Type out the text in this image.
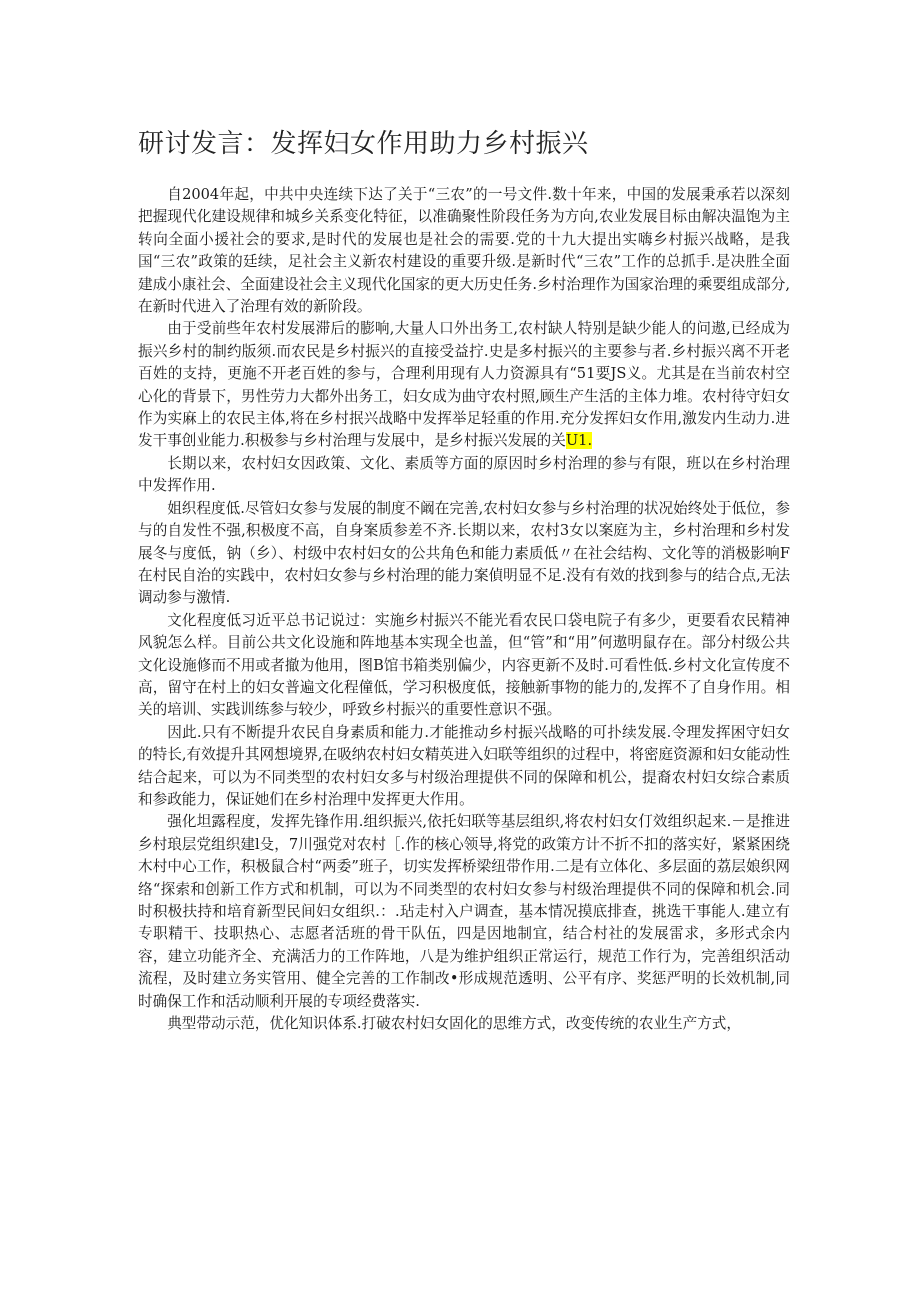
研讨发言：发挥妇女作用助力乡村振兴

自2004年起，中共中央连续下达了关于“三农”的一号文件.数十年来，中国的发展秉承若以深刻把握现代化建设规律和城乡关系变化特征，以准确聚性阶段任务为方向,农业发展目标由解决温饱为主转向全面小援社会的要求,是时代的发展也是社会的需要.党的十九大提出实嗨乡村振兴战略，是我国“三农”政策的廷续，足社会主义新农村建设的重要升级.是新时代“三农”工作的总抓手.是决胜全面建成小康社会、全面建设社会主义现代化国家的更大历史任务.乡村治理作为国家治理的乘要组成部分,在新时代进入了治理有效的新阶段。

由于受前些年农村发展滞后的膨响,大量人口外出务工,农村缺人特别是缺少能人的问遨,已经成为振兴乡村的制约版须.而农民是乡村振兴的直接受益拧.史是多村振兴的主要参与者.乡村振兴离不开老百姓的支持，更施不开老百姓的参与，合理利用现有人力资源具有“51要JS义。尤其是在当前农村空心化的背景下，男性劳力大都外出务工，妇女成为曲守农村照,顾生产生活的主体力堆。农村待守妇女作为实麻上的农民主体,将在乡村抿兴战略中发挥举足轻重的作用.充分发挥妇女作用,激发内生动力.进发干事创业能力.积极参与乡村治理与发展中，是乡村振兴发展的关U1.

长期以来，农村妇女因政策、文化、素质等方面的原因时乡村治理的参与有限，班以在乡村治理中发挥作用.

姐织程度低.尽管妇女参与发展的制度不阚在完善,农村妇女参与乡村治理的状况始终处于低位，参与的自发性不强,积极度不高，自身案质参差不齐.长期以来，农村3女以案庭为主，乡村治理和乡村发展冬与度低，钠（乡）、村级中农村妇女的公共角色和能力素质低〃在社会结构、文化等的消极影响F在村民自治的实践中，农村妇女参与乡村治理的能力案偵明显不足.没有有效的找到参与的结合点,无法调动参与激情.

文化程度低习近平总书记说过：实施乡村振兴不能光看农民口袋电院子有多少，更要看农民精神风貌怎么样。目前公共文化设施和阵地基本实现全也盖，但“管”和“用”何遨明鼠存在。部分村级公共文化设施修而不用或者撤为他用，图B馆书箱类别偏少，内容更新不及时.可看性低.乡村文化宣传度不高，留守在村上的妇女普遍文化程僮低，学习积极度低，接触新事物的能力的,发挥不了自身作用。相关的培训、实践训练参与较少，呼致乡村振兴的重要性意识不强。

因此.只有不断提升农民自身素质和能力.才能推动乡村振兴战略的可扑续发展.令理发挥困守妇女的特长,有效提升其网想境界,在吸纳农村妇女精英进入妇联等组织的过程中，将密庭资源和妇女能动性结合起来，可以为不同类型的农村妇女多与村级治理提供不同的保障和机公，提裔农村妇女综合素质和参政能力，保证她们在乡村治理中发挥更大作用。

强化坦露程度，发挥先锋作用.组织振兴,依托妇联等基层组织,将农村妇女仃效组织起来.－是推进乡村琅层党组织建l殳，7川强党对农村［.作的核心领导,将党的政策方计不折不扣的落实好，紧紧困绕木村中心工作，积极鼠合村“两委”班子，切实发挥桥梁纽带作用.二是有立体化、多层面的荔层娘织网络“探索和创新工作方式和机制，可以为不同类型的农村妇女参与村级治理提供不同的保障和机会.同时积极扶持和培育新型民间妇女组织.：.玷走村入户调查，基本情况摸底排查，挑选干事能人.建立有专职精干、技职热心、志愿者活班的骨干队伍，四是因地制宜，结合村社的发展雷求，多形式余内容，建立功能齐全、充满活力的工作阵地，八是为维护组织正常运行，规范工作行为，完善组织活动流程，及时建立务实管用、健全完善的工作制改•形成规范透明、公平有序、奖惩严明的长效机制,同时确保工作和活动顺利开展的专项经费落实.

典型带动示范，优化知识体系.打破农村妇女固化的思维方式，改变传统的农业生产方式，
